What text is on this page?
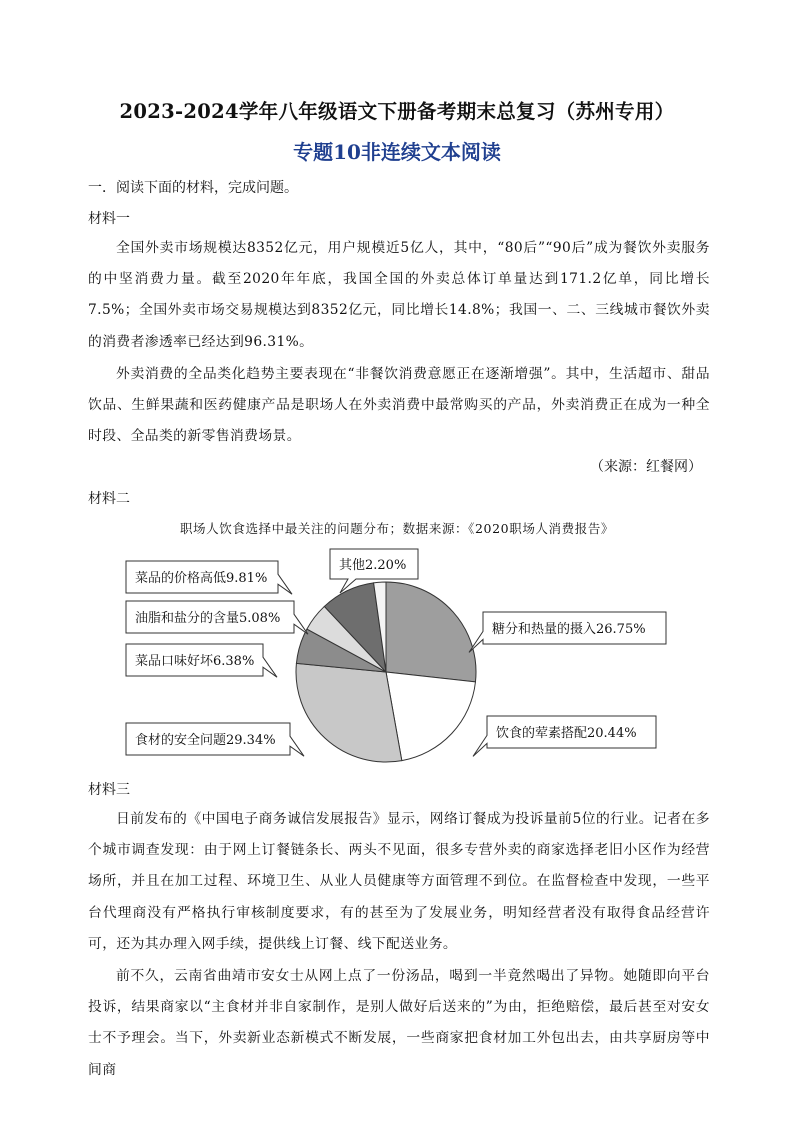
2023-2024学年八年级语文下册备考期末总复习（苏州专用）
专题10非连续文本阅读
一．阅读下面的材料，完成问题。
材料一
全国外卖市场规模达8352亿元，用户规模近5亿人，其中，“80后”“90后”成为餐饮外卖服务的中坚消费力量。截至2020年年底，我国全国的外卖总体订单量达到171.2亿单，同比增长7.5%；全国外卖市场交易规模达到8352亿元，同比增长14.8%；我国一、二、三线城市餐饮外卖的消费者渗透率已经达到96.31%。
外卖消费的全品类化趋势主要表现在“非餐饮消费意愿正在逐渐增强”。其中，生活超市、甜品饮品、生鲜果蔬和医药健康产品是职场人在外卖消费中最常购买的产品，外卖消费正在成为一种全时段、全品类的新零售消费场景。
（来源：红餐网）
材料二
职场人饮食选择中最关注的问题分布；数据来源：《2020职场人消费报告》
糖分和热量的摄入26.75%
饮食的荤素搭配20.44%
食材的安全问题29.34%
菜品口味好坏6.38%
油脂和盐分的含量5.08%
菜品的价格高低9.81%
其他2.20%
材料三
日前发布的《中国电子商务诚信发展报告》显示，网络订餐成为投诉量前5位的行业。记者在多个城市调查发现：由于网上订餐链条长、两头不见面，很多专营外卖的商家选择老旧小区作为经营场所，并且在加工过程、环境卫生、从业人员健康等方面管理不到位。在监督检查中发现，一些平台代理商没有严格执行审核制度要求，有的甚至为了发展业务，明知经营者没有取得食品经营许可，还为其办理入网手续，提供线上订餐、线下配送业务。
前不久，云南省曲靖市安女士从网上点了一份汤品，喝到一半竟然喝出了异物。她随即向平台投诉，结果商家以“主食材并非自家制作，是别人做好后送来的”为由，拒绝赔偿，最后甚至对安女士不予理会。当下，外卖新业态新模式不断发展，一些商家把食材加工外包出去，由共享厨房等中间商
